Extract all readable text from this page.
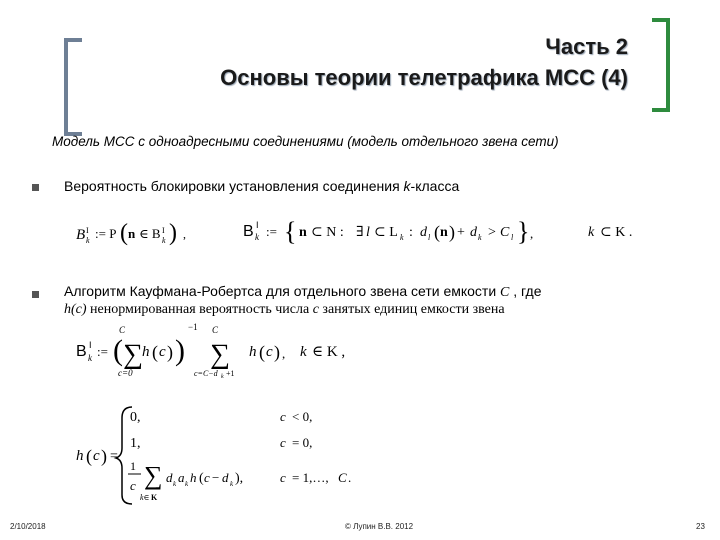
Часть 2
Основы теории телетрафика МСС (4)
Модель МСС с одноадресными соединениями (модель отдельного звена сети)
Вероятность блокировки установления соединения k-класса
Алгоритм Кауфмана-Робертса для отдельного звена сети емкости C , где
h(c) ненормированная вероятность числа c занятых единиц емкости звена
B I
k := P ( n ∈ B I
k ) ,	B I
k := { n ⊂ N : ∃ l ⊂ L k : d l ( n ) + d k > C l } ,	k ⊂ K .
B I
k := ( ∑
C
c=0
h ( c ) )
−1
∑
C
c=C−d k +1
h ( c ) , k ∈ K ,
h ( c ) =
0,
1,
1
c ∑
k∈ K
d k a k h ( c − d k ),
c < 0,
c = 0,
c = 1,…, C .
2/10/2018	© Лупин В.В. 2012	23
